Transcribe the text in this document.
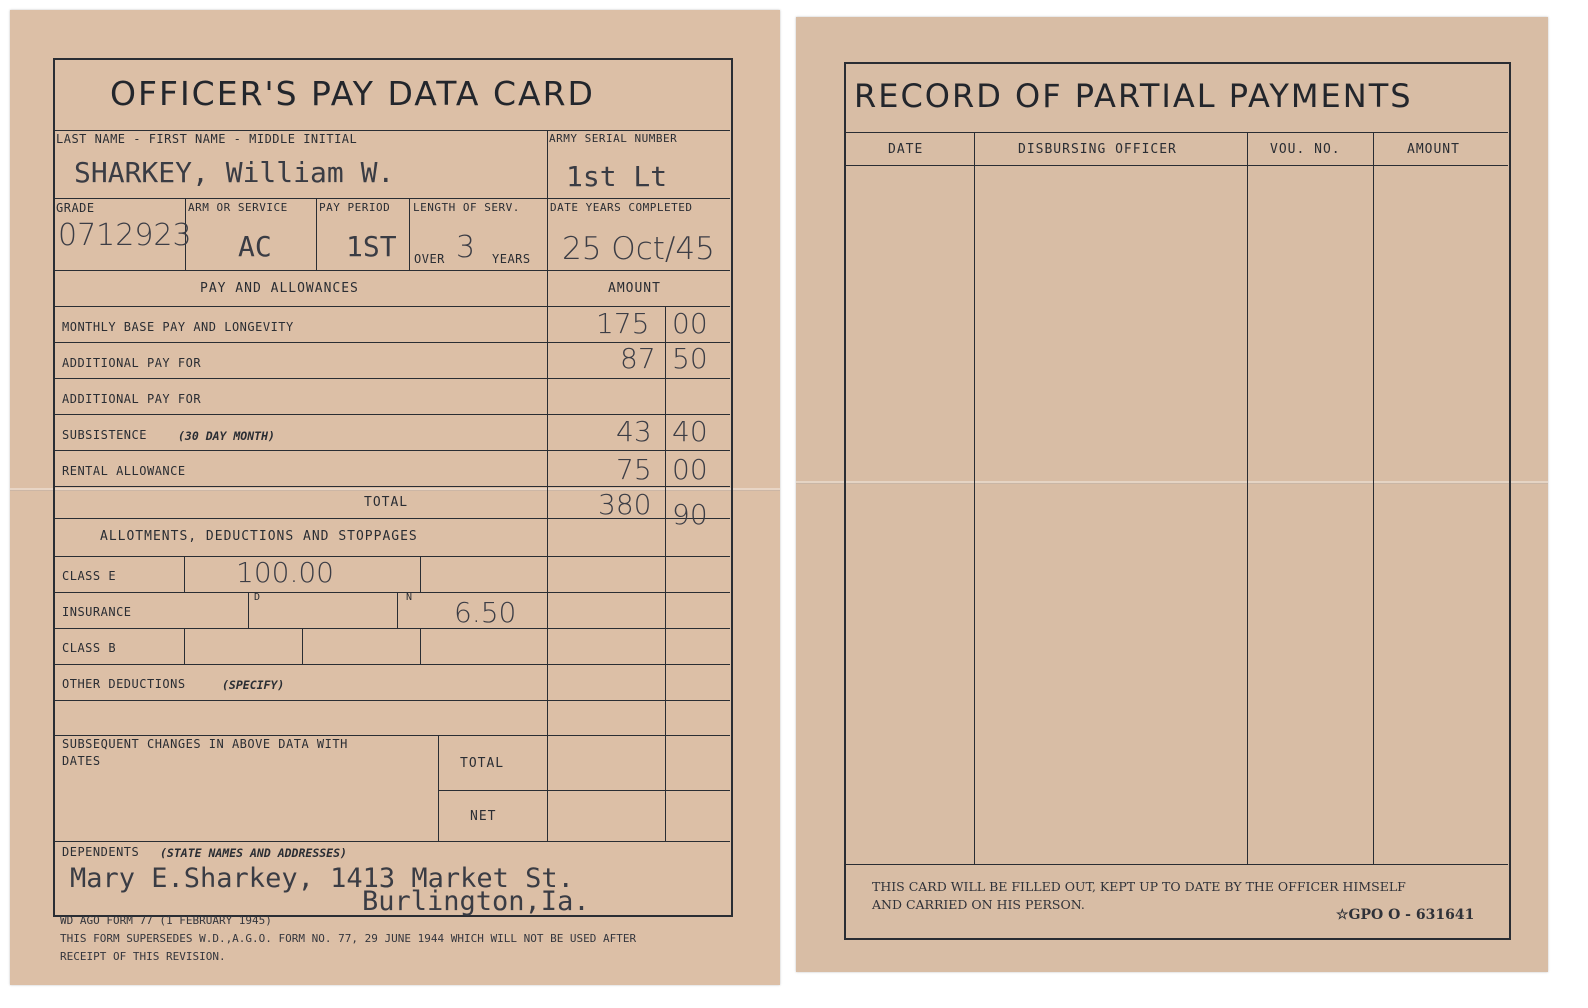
OFFICER'S PAY DATA CARD
LAST NAME - FIRST NAME - MIDDLE INITIAL
SHARKEY, William W.
ARMY SERIAL NUMBER
1st Lt
GRADE
0712923
ARM OR SERVICE
AC
PAY PERIOD
1ST
LENGTH OF SERV.
OVER 3 YEARS
DATE YEARS COMPLETED
25 Oct/45
PAY AND ALLOWANCES	AMOUNT
MONTHLY BASE PAY AND LONGEVITY	175 00
ADDITIONAL PAY FOR	87 50
ADDITIONAL PAY FOR
SUBSISTENCE	(30 DAY MONTH)	43 40
RENTAL ALLOWANCE	75 00
TOTAL	380 90
ALLOTMENTS, DEDUCTIONS AND STOPPAGES
CLASS E	100.00
INSURANCE
D	N 6.50
CLASS B
OTHER DEDUCTIONS	(SPECIFY)
SUBSEQUENT CHANGES IN ABOVE DATA WITH
DATES	TOTAL
NET
DEPENDENTS (STATE NAMES AND ADDRESSES)
Mary E.Sharkey, 1413 Market St.
Burlington,Ia.
WD AGO FORM 77 (1 FEBRUARY 1945)
THIS FORM SUPERSEDES W.D.,A.G.O. FORM NO. 77, 29 JUNE 1944 WHICH WILL NOT BE USED AFTER
RECEIPT OF THIS REVISION.
RECORD OF PARTIAL PAYMENTS
DATE	DISBURSING OFFICER	VOU. NO.	AMOUNT
THIS CARD WILL BE FILLED OUT, KEPT UP TO DATE BY THE OFFICER HIMSELF
AND CARRIED ON HIS PERSON.
☆GPO O - 631641
